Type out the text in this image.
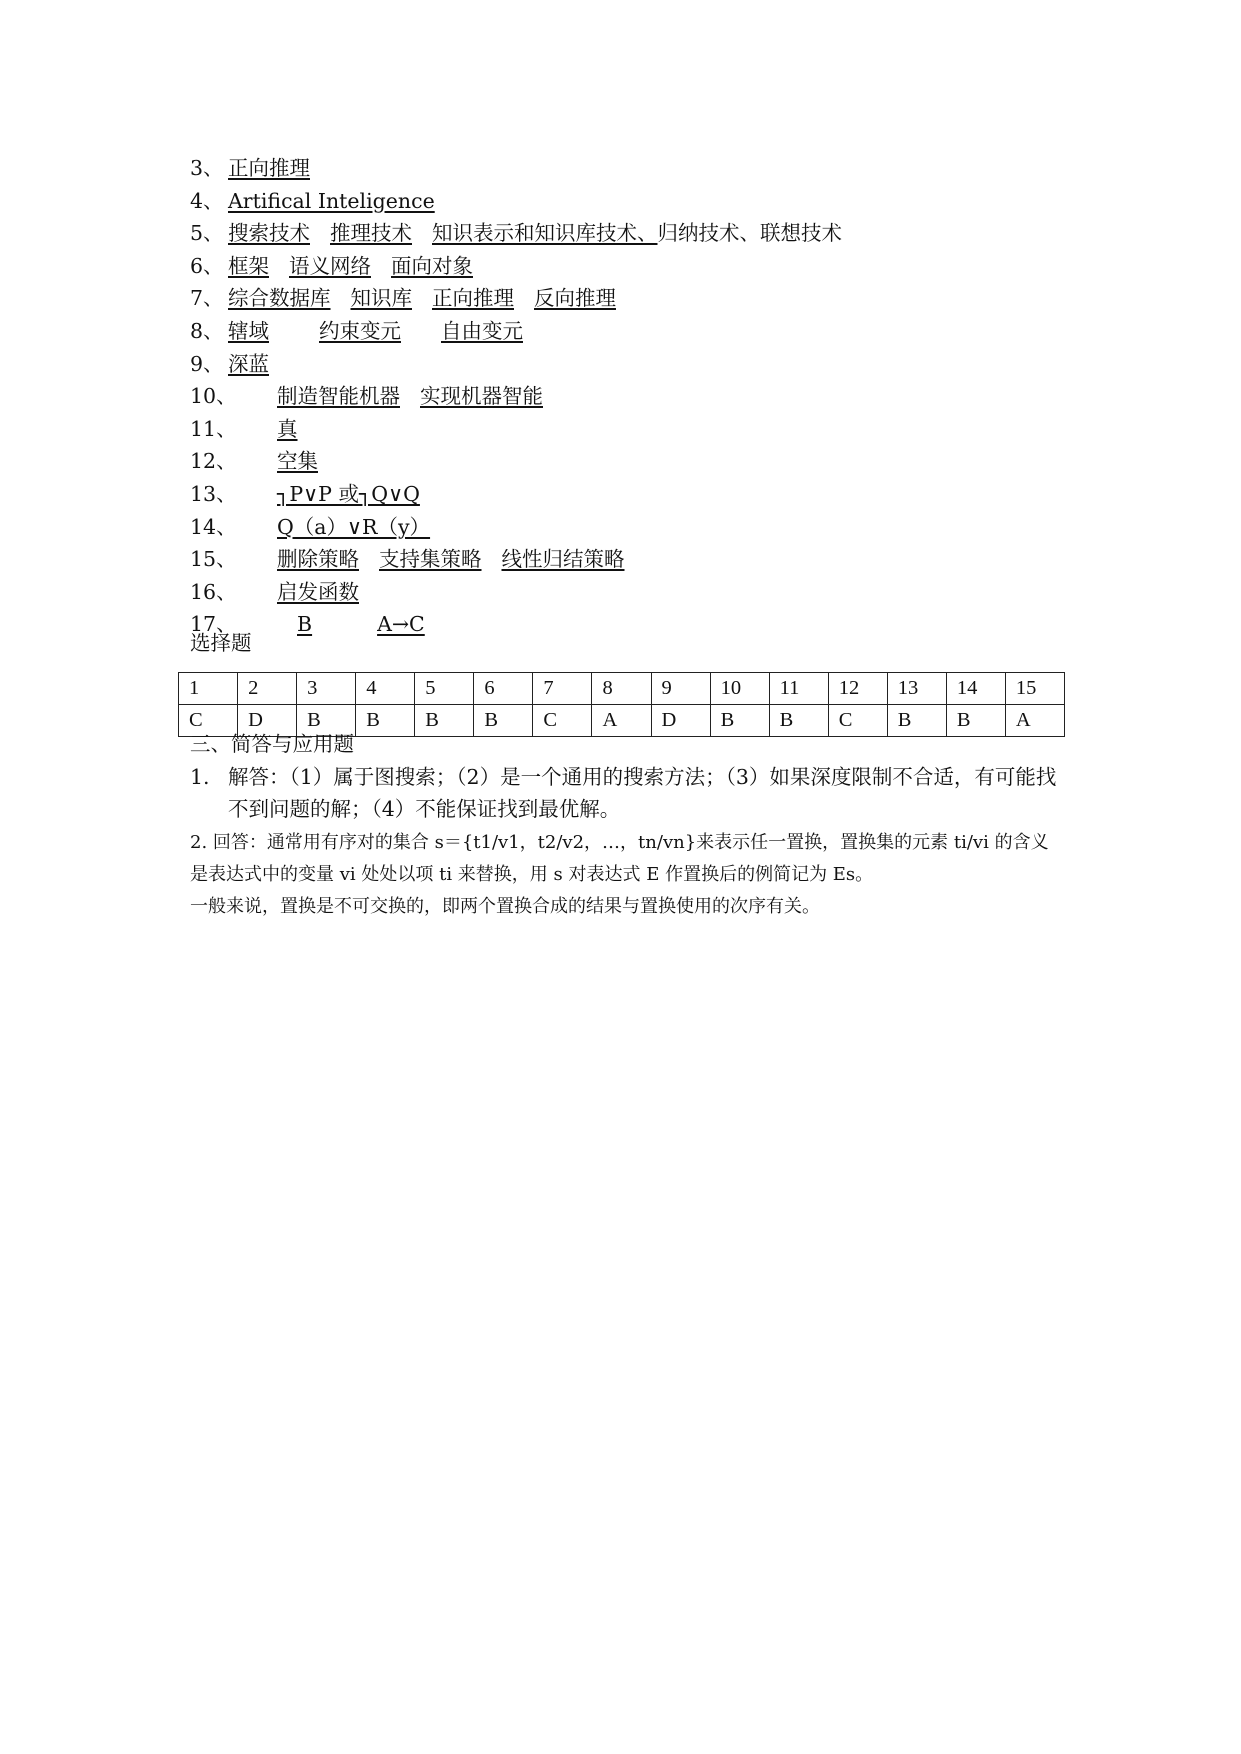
3、 正向推理
4、 Artifical Inteligence
5、 搜索技术 推理技术 知识表示和知识库技术、归纳技术、联想技术
6、 框架 语义网络 面向对象
7、 综合数据库 知识库 正向推理 反向推理
8、 辖域 约束变元 自由变元
9、 深蓝
10、 制造智能机器 实现机器智能
11、 真
12、 空集
13、 ┐P∨P 或┐Q∨Q
14、 Q（a）∨R（y）
15、 删除策略 支持集策略 线性归结策略
16、 启发函数
17、	B	A→C
选择题
1	2	3	4	5	6	7	8	9	10	11	12	13	14	15
C	D	B	B	B	B	C	A	D	B	B	C	B	B	A
三、简答与应用题
1. 解答：（1）属于图搜索；（2）是一个通用的搜索方法；（3）如果深度限制不合适，有可能找不到问题的解；（4）不能保证找到最优解。
2. 回答：通常用有序对的集合 s＝{t1/v1，t2/v2，…，tn/vn}来表示任一置换，置换集的元素 ti/vi 的含义
是表达式中的变量 vi 处处以项 ti 来替换，用 s 对表达式 E 作置换后的例简记为 Es。
一般来说，置换是不可交换的，即两个置换合成的结果与置换使用的次序有关。
